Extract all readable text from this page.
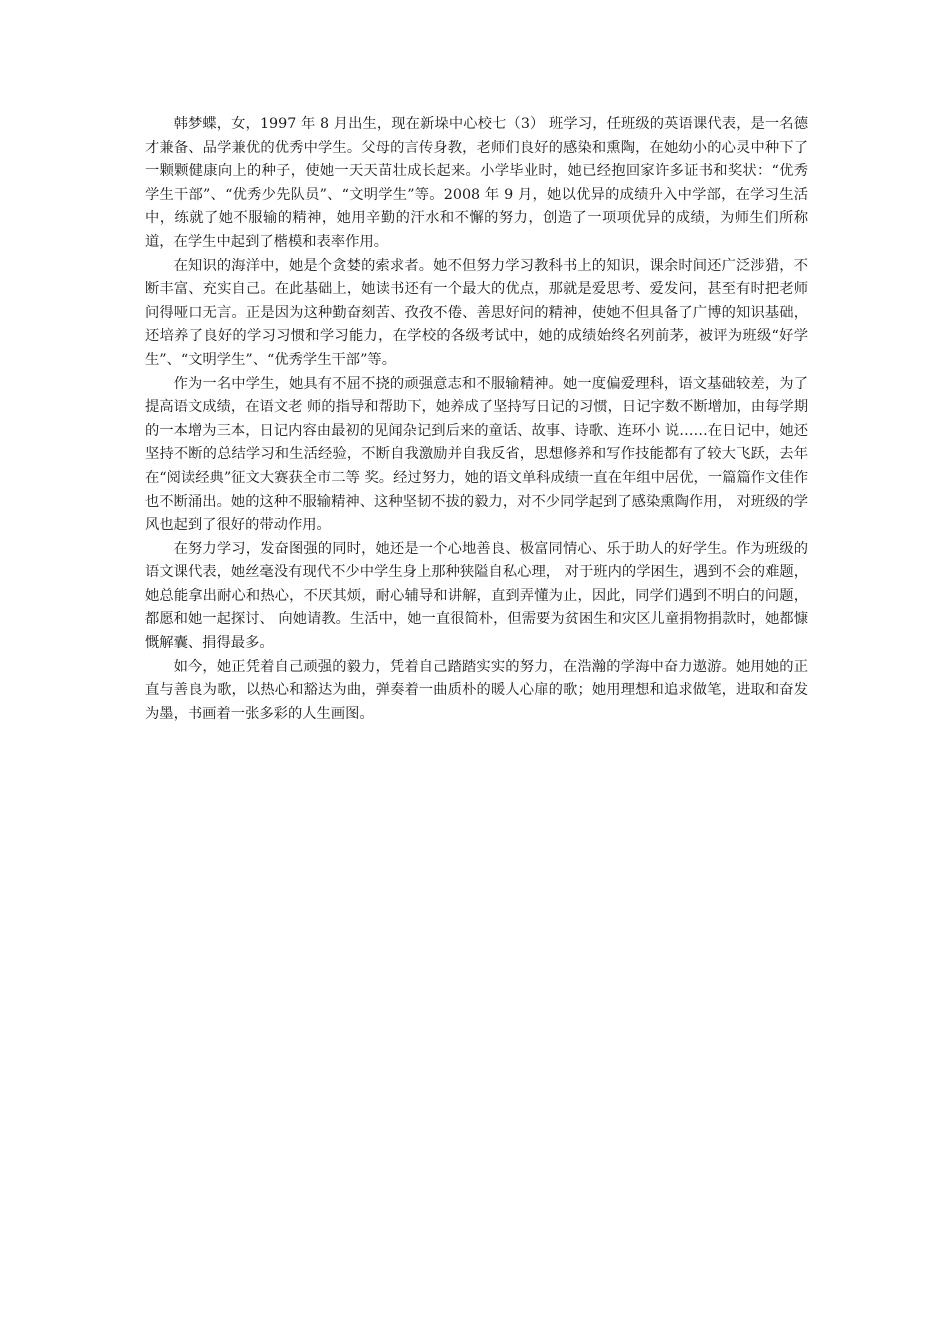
韩梦蝶，女，1997 年 8 月出生，现在新垛中心校七（3） 班学习，任班级的英语课代表，是一名德才兼备、品学兼优的优秀中学生。父母的言传身教，老师们良好的感染和熏陶，在她幼小的心灵中种下了一颗颗健康向上的种子，使她一天天苗壮成长起来。小学毕业时，她已经抱回家许多证书和奖状：“优秀学生干部”、“优秀少先队员”、“文明学生”等。2008 年 9 月，她以优异的成绩升入中学部，在学习生活中，练就了她不服输的精神，她用辛勤的汗水和不懈的努力，创造了一项项优异的成绩，为师生们所称道，在学生中起到了楷模和表率作用。

在知识的海洋中，她是个贪婪的索求者。她不但努力学习教科书上的知识，课余时间还广泛涉猎，不断丰富、充实自己。在此基础上，她读书还有一个最大的优点，那就是爱思考、爱发问，甚至有时把老师问得哑口无言。正是因为这种勤奋刻苦、孜孜不倦、善思好问的精神，使她不但具备了广博的知识基础，还培养了良好的学习习惯和学习能力，在学校的各级考试中，她的成绩始终名列前茅，被评为班级“好学生”、“文明学生”、“优秀学生干部”等。

作为一名中学生，她具有不屈不挠的顽强意志和不服输精神。她一度偏爱理科，语文基础较差，为了提高语文成绩，在语文老 师的指导和帮助下，她养成了坚持写日记的习惯，日记字数不断增加，由每学期的一本增为三本，日记内容由最初的见闻杂记到后来的童话、故事、诗歌、连环小 说……在日记中，她还坚持不断的总结学习和生活经验，不断自我激励并自我反省，思想修养和写作技能都有了较大飞跃，去年在“阅读经典”征文大赛获全市二等 奖。经过努力，她的语文单科成绩一直在年组中居优，一篇篇作文佳作也不断涌出。她的这种不服输精神、这种坚韧不拔的毅力，对不少同学起到了感染熏陶作用， 对班级的学风也起到了很好的带动作用。

在努力学习，发奋图强的同时，她还是一个心地善良、极富同情心、乐于助人的好学生。作为班级的语文课代表，她丝毫没有现代不少中学生身上那种狭隘自私心理， 对于班内的学困生，遇到不会的难题，她总能拿出耐心和热心，不厌其烦，耐心辅导和讲解，直到弄懂为止，因此，同学们遇到不明白的问题，都愿和她一起探讨、 向她请教。生活中，她一直很简朴，但需要为贫困生和灾区儿童捐物捐款时，她都慷慨解囊、捐得最多。

如今，她正凭着自己顽强的毅力，凭着自己踏踏实实的努力，在浩瀚的学海中奋力遨游。她用她的正直与善良为歌，以热心和豁达为曲，弹奏着一曲质朴的暖人心扉的歌；她用理想和追求做笔，进取和奋发为墨，书画着一张多彩的人生画图。
